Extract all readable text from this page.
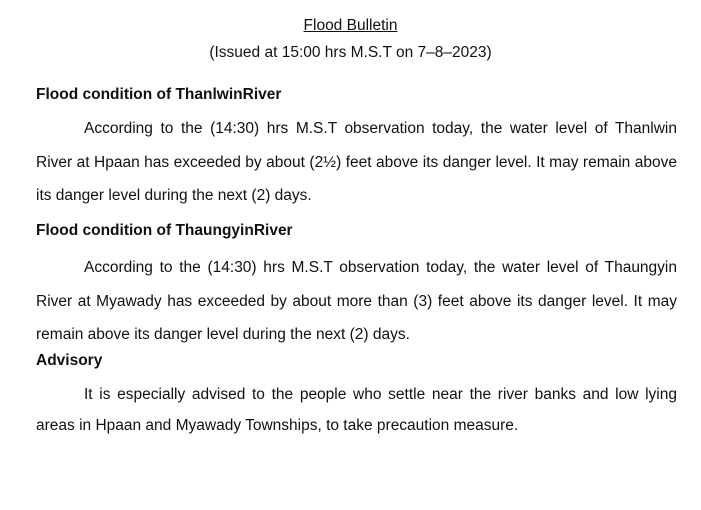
Flood Bulletin
(Issued at 15:00 hrs M.S.T on 7–8–2023)
Flood condition of ThanlwinRiver
According to the (14:30) hrs M.S.T observation today, the water level of Thanlwin River at Hpaan has exceeded by about (2½) feet above its danger level. It may remain above its danger level during the next (2) days.
Flood condition of ThaungyinRiver
According to the (14:30) hrs M.S.T observation today, the water level of Thaungyin River at Myawady has exceeded by about more than (3) feet above its danger level. It may remain above its danger level during the next (2) days.
Advisory
It is especially advised to the people who settle near the river banks and low lying areas in Hpaan and Myawady Townships, to take precaution measure.
